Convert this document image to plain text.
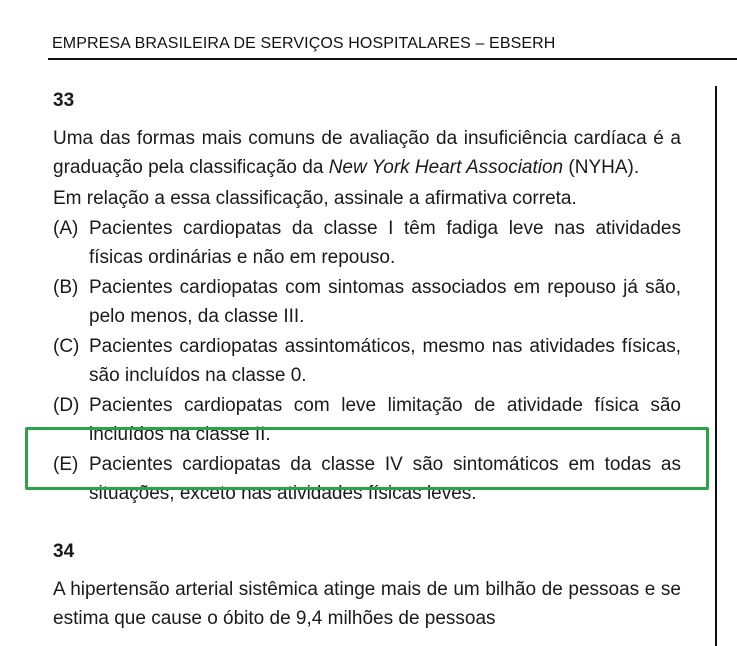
EMPRESA BRASILEIRA DE SERVIÇOS HOSPITALARES – EBSERH
33

Uma das formas mais comuns de avaliação da insuficiência cardíaca é a graduação pela classificação da New York Heart Association (NYHA).

Em relação a essa classificação, assinale a afirmativa correta.

(A) Pacientes cardiopatas da classe I têm fadiga leve nas atividades físicas ordinárias e não em repouso.
(B) Pacientes cardiopatas com sintomas associados em repouso já são, pelo menos, da classe III.
(C) Pacientes cardiopatas assintomáticos, mesmo nas atividades físicas, são incluídos na classe 0.
(D) Pacientes cardiopatas com leve limitação de atividade física são incluídos na classe II.
(E) Pacientes cardiopatas da classe IV são sintomáticos em todas as situações, exceto nas atividades físicas leves.
34

A hipertensão arterial sistêmica atinge mais de um bilhão de pessoas e se estima que cause o óbito de 9,4 milhões de pessoas
